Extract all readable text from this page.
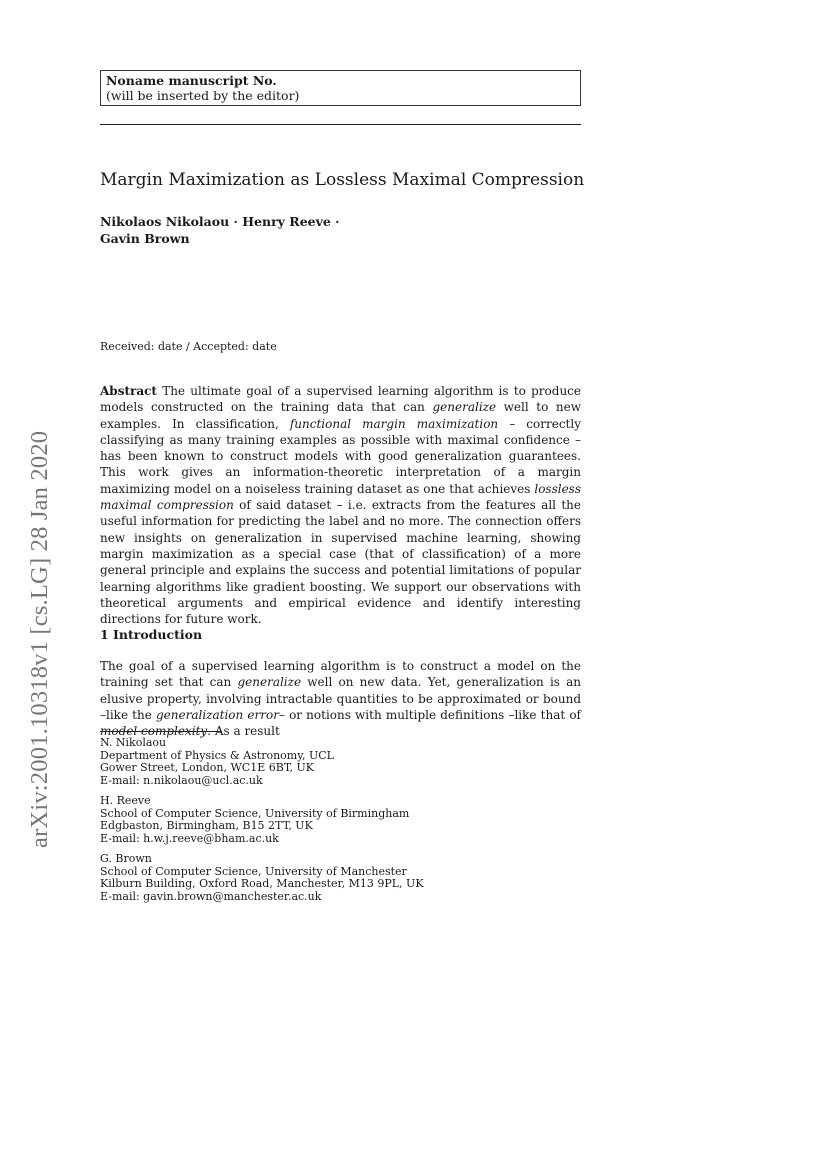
arXiv:2001.10318v1 [cs.LG] 28 Jan 2020
Noname manuscript No.
(will be inserted by the editor)
Margin Maximization as Lossless Maximal Compression
Nikolaos Nikolaou · Henry Reeve ·
Gavin Brown
Received: date / Accepted: date

Abstract The ultimate goal of a supervised learning algorithm is to produce models constructed on the training data that can generalize well to new examples. In classification, functional margin maximization – correctly classifying as many training examples as possible with maximal confidence – has been known to construct models with good generalization guarantees. This work gives an information-theoretic interpretation of a margin maximizing model on a noiseless training dataset as one that achieves lossless maximal compression of said dataset – i.e. extracts from the features all the useful information for predicting the label and no more. The connection offers new insights on generalization in supervised machine learning, showing margin maximization as a special case (that of classification) of a more general principle and explains the success and potential limitations of popular learning algorithms like gradient boosting. We support our observations with theoretical arguments and empirical evidence and identify interesting directions for future work.

1 Introduction

The goal of a supervised learning algorithm is to construct a model on the training set that can generalize well on new data. Yet, generalization is an elusive property, involving intractable quantities to be approximated or bound –like the generalization error– or notions with multiple definitions –like that of model complexity. As a result

N. Nikolaou
Department of Physics & Astronomy, UCL
Gower Street, London, WC1E 6BT, UK
E-mail: n.nikolaou@ucl.ac.uk
H. Reeve
School of Computer Science, University of Birmingham
Edgbaston, Birmingham, B15 2TT, UK
E-mail: h.w.j.reeve@bham.ac.uk
G. Brown
School of Computer Science, University of Manchester
Kilburn Building, Oxford Road, Manchester, M13 9PL, UK
E-mail: gavin.brown@manchester.ac.uk
